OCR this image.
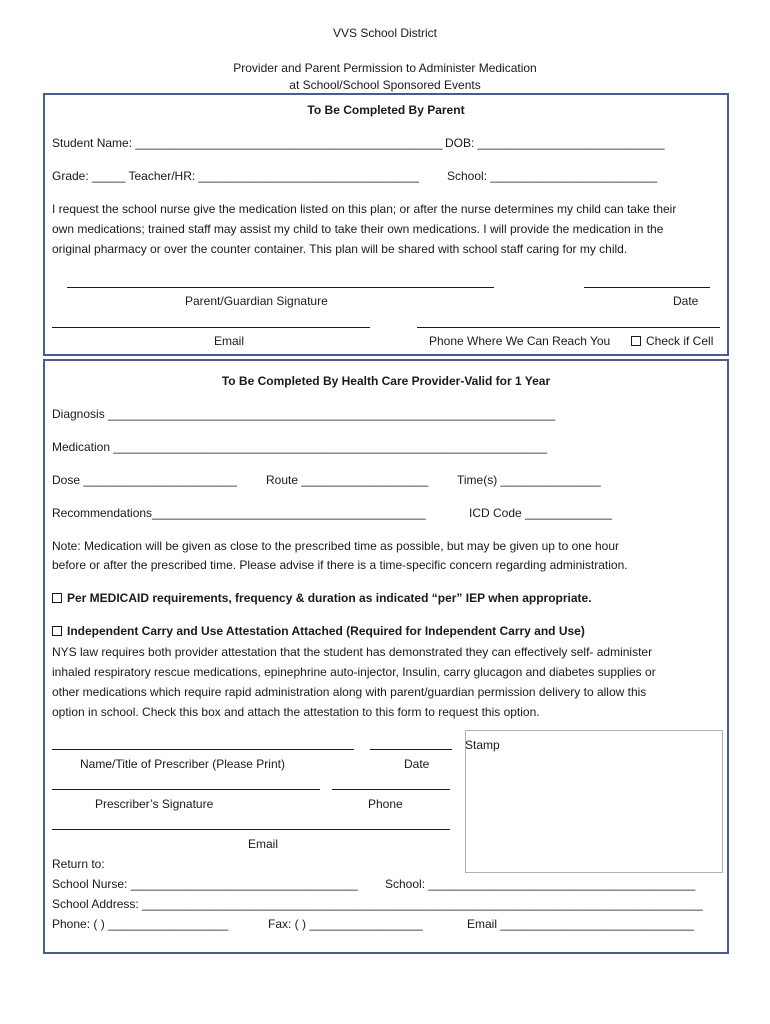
VVS School District
Provider and Parent Permission to Administer Medication
at School/School Sponsored Events
To Be Completed By Parent
Student Name: ______________________________________________ DOB: ____________________________
Grade: _____ Teacher/HR: _________________________________ School: _________________________
I request the school nurse give the medication listed on this plan; or after the nurse determines my child can take their
own medications; trained staff may assist my child to take their own medications. I will provide the medication in the
original pharmacy or over the counter container. This plan will be shared with school staff caring for my child.
Parent/Guardian Signature	Date
Email	Phone Where We Can Reach You	Check if Cell
To Be Completed By Health Care Provider-Valid for 1 Year
Diagnosis ___________________________________________________________________
Medication _________________________________________________________________
Dose _______________________ Route ___________________ Time(s) _______________
Recommendations_________________________________________	ICD Code _____________
Note: Medication will be given as close to the prescribed time as possible, but may be given up to one hour
before or after the prescribed time. Please advise if there is a time-specific concern regarding administration.
Per MEDICAID requirements, frequency & duration as indicated “per” IEP when appropriate.
Independent Carry and Use Attestation Attached (Required for Independent Carry and Use)
NYS law requires both provider attestation that the student has demonstrated they can effectively self- administer
inhaled respiratory rescue medications, epinephrine auto-injector, Insulin, carry glucagon and diabetes supplies or
other medications which require rapid administration along with parent/guardian permission delivery to allow this
option in school. Check this box and attach the attestation to this form to request this option.
Stamp
Name/Title of Prescriber (Please Print)	Date
Prescriber’s Signature	Phone
Email
Return to:
School Nurse: __________________________________ School: ________________________________________
School Address: ____________________________________________________________________________________
Phone: ( ) __________________	Fax: ( ) _________________	Email _____________________________
